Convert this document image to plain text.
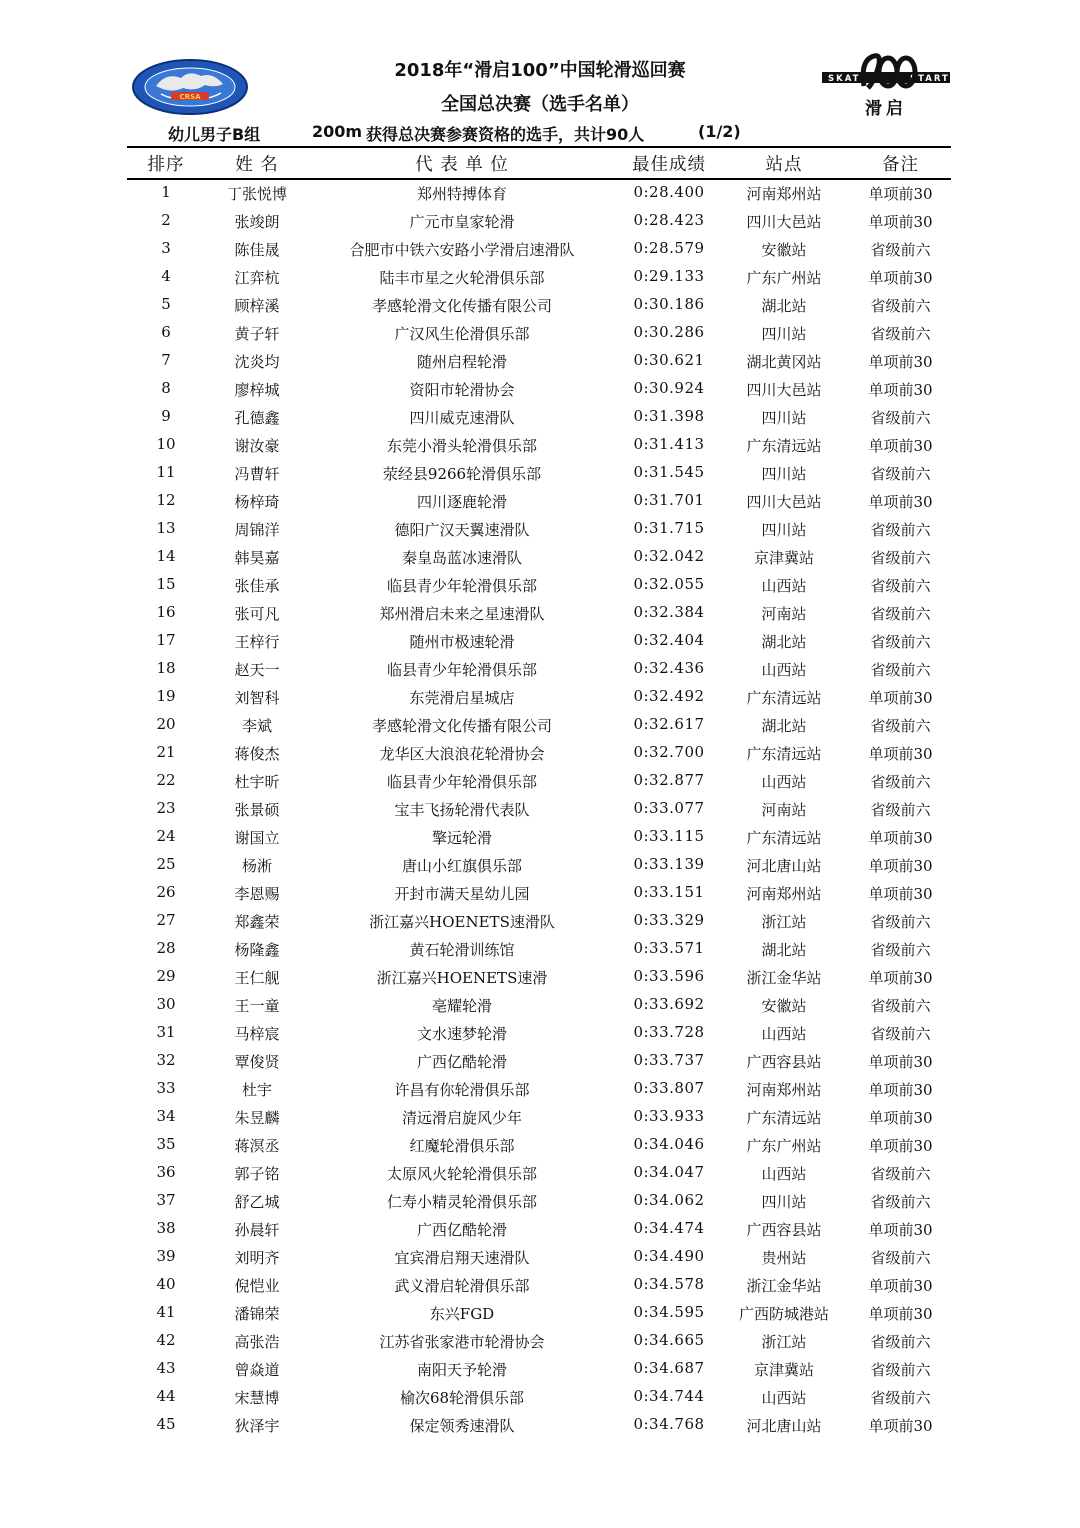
CRSA
SKAT	START
滑启
2018年“滑启100”中国轮滑巡回赛
全国总决赛（选手名单）
幼儿男子B组	200m 获得总决赛参赛资格的选手，共计90人	(1/2)
排序	姓 名	代 表 单 位	最佳成绩	站点	备注
1	丁张悦博	郑州特搏体育	0:28.400	河南郑州站	单项前30
2	张竣朗	广元市皇家轮滑	0:28.423	四川大邑站	单项前30
3	陈佳晟	合肥市中铁六安路小学滑启速滑队	0:28.579	安徽站	省级前六
4	江弈杭	陆丰市星之火轮滑俱乐部	0:29.133	广东广州站	单项前30
5	顾梓溪	孝感轮滑文化传播有限公司	0:30.186	湖北站	省级前六
6	黄子轩	广汉风生伦滑俱乐部	0:30.286	四川站	省级前六
7	沈炎均	随州启程轮滑	0:30.621	湖北黄冈站	单项前30
8	廖梓城	资阳市轮滑协会	0:30.924	四川大邑站	单项前30
9	孔德鑫	四川威克速滑队	0:31.398	四川站	省级前六
10	谢汝豪	东莞小滑头轮滑俱乐部	0:31.413	广东清远站	单项前30
11	冯曹轩	荥经县9266轮滑俱乐部	0:31.545	四川站	省级前六
12	杨梓琦	四川逐鹿轮滑	0:31.701	四川大邑站	单项前30
13	周锦洋	德阳广汉天翼速滑队	0:31.715	四川站	省级前六
14	韩昊嘉	秦皇岛蓝冰速滑队	0:32.042	京津冀站	省级前六
15	张佳承	临县青少年轮滑俱乐部	0:32.055	山西站	省级前六
16	张可凡	郑州滑启未来之星速滑队	0:32.384	河南站	省级前六
17	王梓行	随州市极速轮滑	0:32.404	湖北站	省级前六
18	赵天一	临县青少年轮滑俱乐部	0:32.436	山西站	省级前六
19	刘智科	东莞滑启星城店	0:32.492	广东清远站	单项前30
20	李斌	孝感轮滑文化传播有限公司	0:32.617	湖北站	省级前六
21	蒋俊杰	龙华区大浪浪花轮滑协会	0:32.700	广东清远站	单项前30
22	杜宇昕	临县青少年轮滑俱乐部	0:32.877	山西站	省级前六
23	张景硕	宝丰飞扬轮滑代表队	0:33.077	河南站	省级前六
24	谢国立	擎远轮滑	0:33.115	广东清远站	单项前30
25	杨淅	唐山小红旗俱乐部	0:33.139	河北唐山站	单项前30
26	李恩赐	开封市满天星幼儿园	0:33.151	河南郑州站	单项前30
27	郑鑫荣	浙江嘉兴HOENETS速滑队	0:33.329	浙江站	省级前六
28	杨隆鑫	黄石轮滑训练馆	0:33.571	湖北站	省级前六
29	王仁舰	浙江嘉兴HOENETS速滑	0:33.596	浙江金华站	单项前30
30	王一童	亳耀轮滑	0:33.692	安徽站	省级前六
31	马梓宸	文水速梦轮滑	0:33.728	山西站	省级前六
32	覃俊贤	广西亿酷轮滑	0:33.737	广西容县站	单项前30
33	杜宇	许昌有你轮滑俱乐部	0:33.807	河南郑州站	单项前30
34	朱昱麟	清远滑启旋风少年	0:33.933	广东清远站	单项前30
35	蒋溟丞	红魔轮滑俱乐部	0:34.046	广东广州站	单项前30
36	郭子铭	太原风火轮轮滑俱乐部	0:34.047	山西站	省级前六
37	舒乙城	仁寿小精灵轮滑俱乐部	0:34.062	四川站	省级前六
38	孙晨轩	广西亿酷轮滑	0:34.474	广西容县站	单项前30
39	刘明齐	宜宾滑启翔天速滑队	0:34.490	贵州站	省级前六
40	倪恺业	武义滑启轮滑俱乐部	0:34.578	浙江金华站	单项前30
41	潘锦荣	东兴FGD	0:34.595	广西防城港站	单项前30
42	高张浩	江苏省张家港市轮滑协会	0:34.665	浙江站	省级前六
43	曾焱道	南阳天予轮滑	0:34.687	京津冀站	省级前六
44	宋慧博	榆次68轮滑俱乐部	0:34.744	山西站	省级前六
45	狄泽宇	保定领秀速滑队	0:34.768	河北唐山站	单项前30
